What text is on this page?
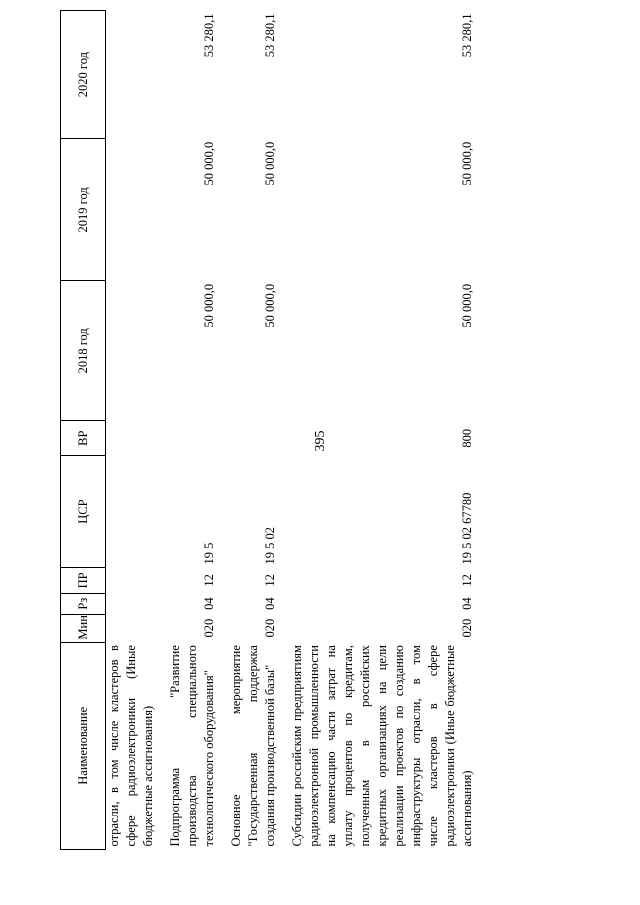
395
Наименование	Мин	Рз	ПР	ЦСР	ВР	2018 год	2019 год	2020 год
отрасли, в том числе кластеров в сфере радиоэлектроники (Иные бюджетные ассигнования)								
Подпрограмма "Развитие производства специального технологического оборудования"	020	04	12	19 5		50 000,0	50 000,0	53 280,1
Основное мероприятие "Государственная поддержка создания производственной базы"	020	04	12	19 5 02		50 000,0	50 000,0	53 280,1
Субсидии российским предприятиям радиоэлектронной промышленности на компенсацию части затрат на уплату процентов по кредитам, полученным в российских кредитных организациях на цели реализации проектов по созданию инфраструктуры отрасли, в том числе кластеров в сфере радиоэлектроники (Иные бюджетные ассигнования)	020	04	12	19 5 02 67780	800	50 000,0	50 000,0	53 280,1
